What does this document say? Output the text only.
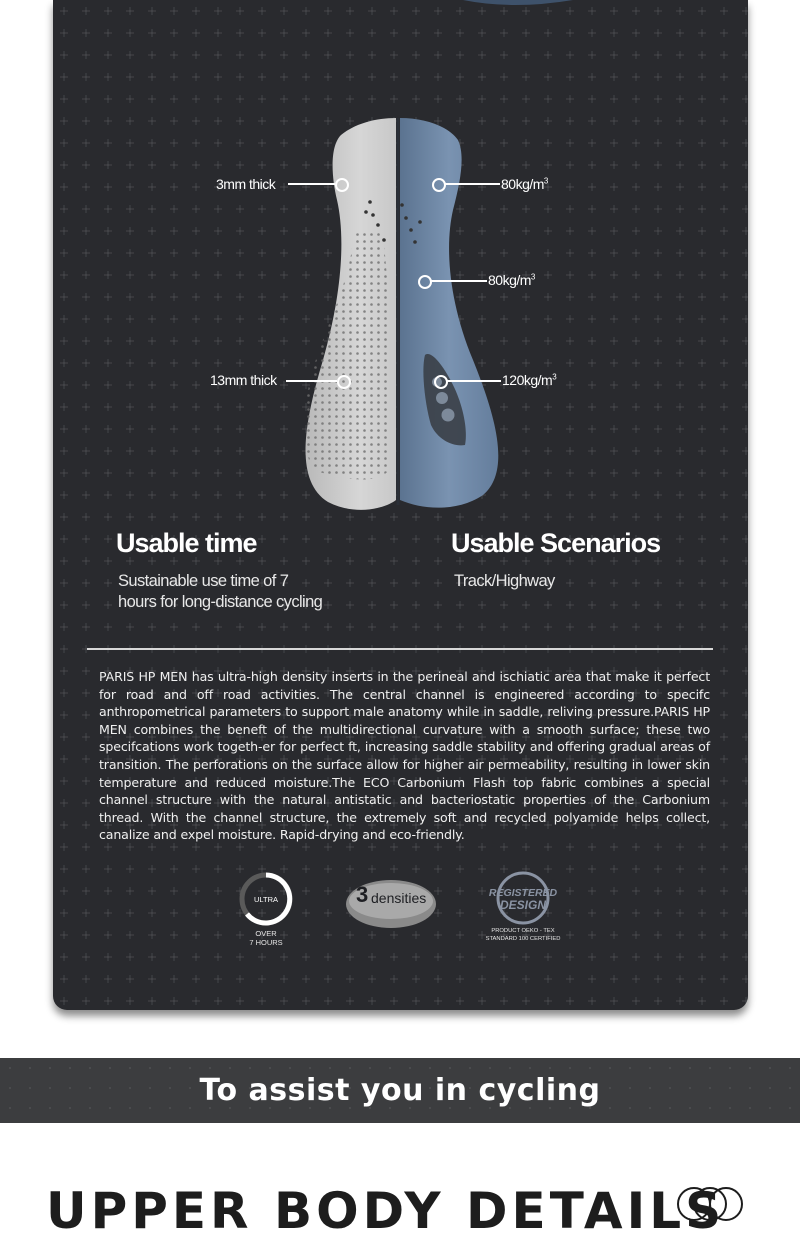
3mm thick
13mm thick
$80kg/m^3$
$80kg/m^3$
$120kg/m^3$
Usable time
Sustainable use time of 7
hours for long-distance cycling
Usable Scenarios
Track/Highway
PARIS HP MEN has ultra-high density inserts in the perineal and ischiatic area that make it perfect for road and off road activities. The central channel is engineered according to specifc anthropometrical parameters to support male anatomy while in saddle, reliving pressure.PARIS HP MEN combines the beneft of the multidirectional curvature with a smooth surface; these two specifcations work togeth-er for perfect ft, increasing saddle stability and offering gradual areas of transition. The perforations on the surface allow for higher air permeability, resulting in lower skin temperature and reduced moisture.The ECO Carbonium Flash top fabric combines a special channel structure with the natural antistatic and bacteriostatic properties of the Carbonium thread. With the channel structure, the extremely soft and recycled polyamide helps collect, canalize and expel moisture. Rapid-drying and eco-friendly.
ULTRA
OVER
7 HOURS
3 densities	REGISTERED
DESIGN
PRODUCT OEKO - TEX
STANDARD 100 CERTIFIED
To assist you in cycling
UPPER BODY DETAILS
